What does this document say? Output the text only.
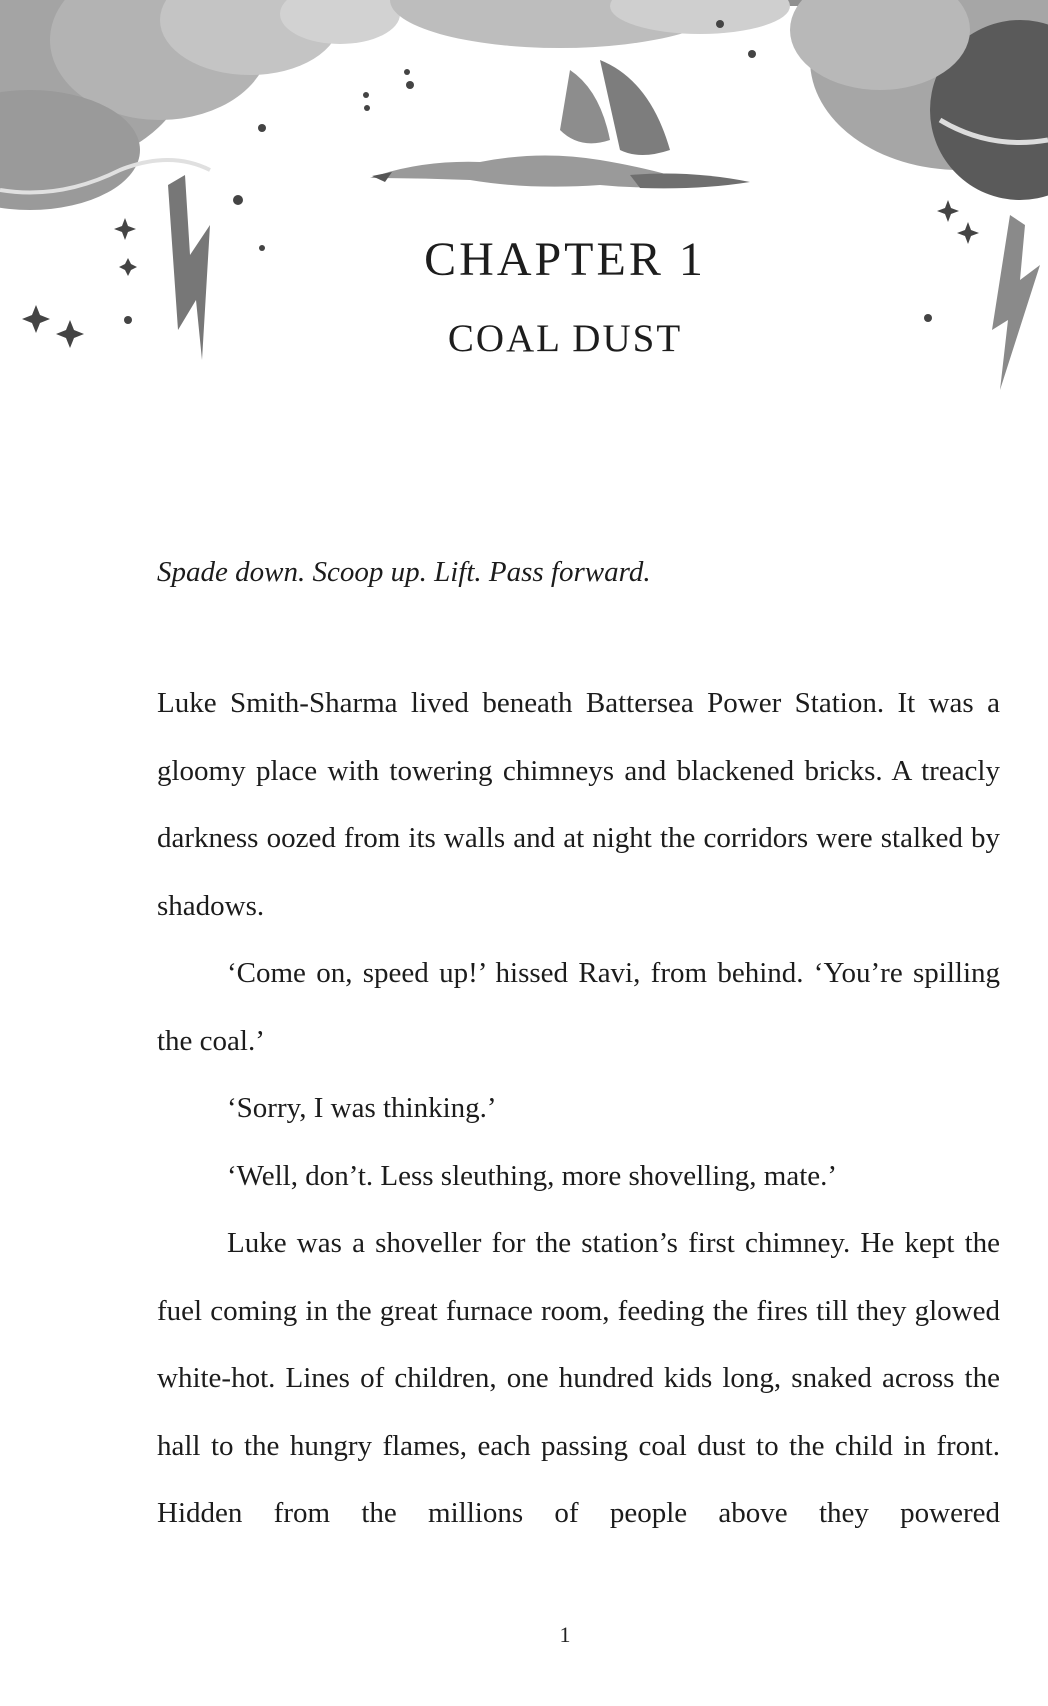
CHAPTER 1
COAL DUST
Spade down. Scoop up. Lift. Pass forward.
Luke Smith-Sharma lived beneath Battersea Power Station. It was a gloomy place with towering chimneys and blackened bricks. A treacly darkness oozed from its walls and at night the corridors were stalked by shadows.
‘Come on, speed up!’ hissed Ravi, from behind. ‘You’re spilling the coal.’
‘Sorry, I was thinking.’
‘Well, don’t. Less sleuthing, more shovelling, mate.’
Luke was a shoveller for the station’s first chimney. He kept the fuel coming in the great furnace room, feeding the fires till they glowed white-hot. Lines of children, one hundred kids long, snaked across the hall to the hungry flames, each passing coal dust to the child in front. Hidden from the millions of people above they powered
1
